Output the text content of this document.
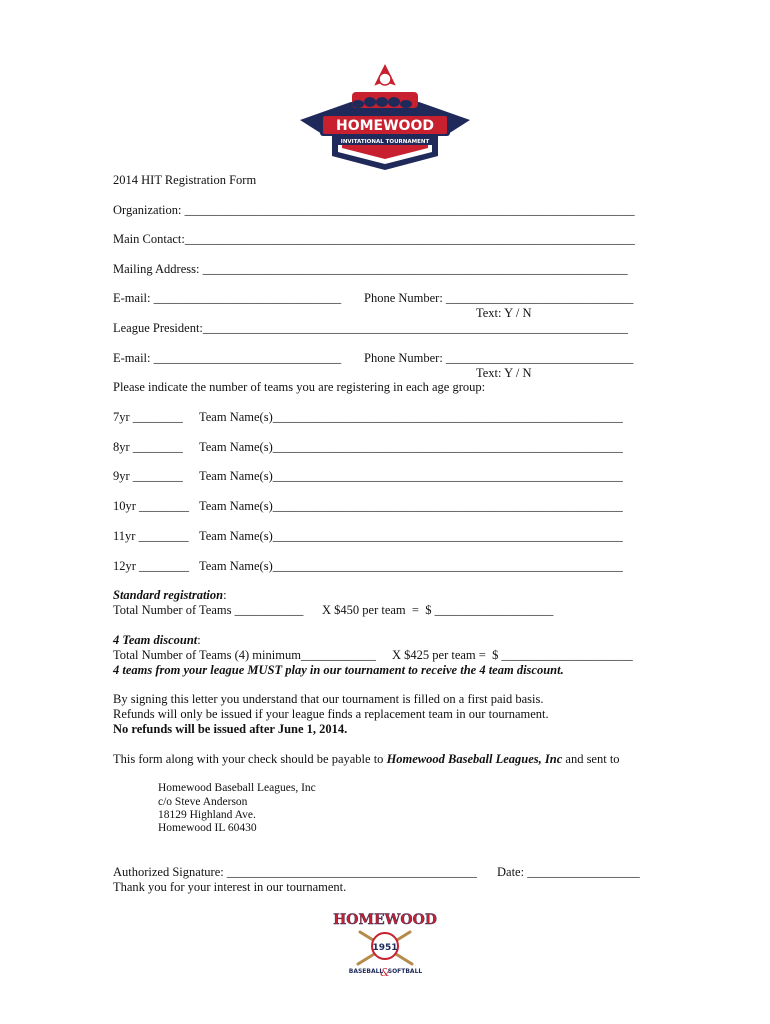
HOMEWOOD
INVITATIONAL TOURNAMENT
2014 HIT Registration Form
Organization: ________________________________________________________________________
Main Contact:________________________________________________________________________
Mailing Address: ____________________________________________________________________
E-mail: ______________________________ Phone Number: ______________________________
Text: Y / N
League President:____________________________________________________________________
E-mail: ______________________________ Phone Number: ______________________________
Text: Y / N
Please indicate the number of teams you are registering in each age group:
7yr ________ Team Name(s)________________________________________________________
8yr ________ Team Name(s)________________________________________________________
9yr ________ Team Name(s)________________________________________________________
10yr ________ Team Name(s)________________________________________________________
11yr ________ Team Name(s)________________________________________________________
12yr ________ Team Name(s)________________________________________________________
Standard registration:
Total Number of Teams ___________ X $450 per team  =  $ ___________________
4 Team discount:
Total Number of Teams (4) minimum____________ X $425 per team =  $ _____________________
4 teams from your league MUST play in our tournament to receive the 4 team discount.
By signing this letter you understand that our tournament is filled on a first paid basis.
Refunds will only be issued if your league finds a replacement team in our tournament.
No refunds will be issued after June 1, 2014.
This form along with your check should be payable to Homewood Baseball Leagues, Inc and sent to
Homewood Baseball Leagues, Inc
c/o Steve Anderson
18129 Highland Ave.
Homewood IL 60430
Authorized Signature: ________________________________________ Date: __________________
Thank you for your interest in our tournament.
1951
HOMEWOOD
BASEBALL
&
SOFTBALL
